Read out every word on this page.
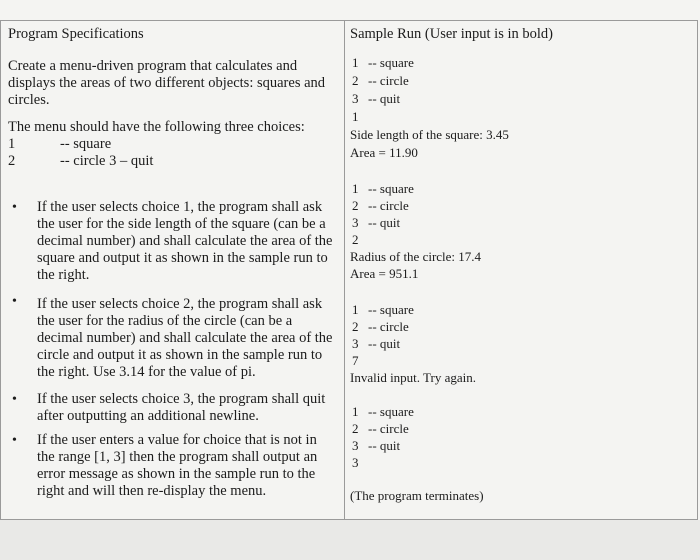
Program Specifications
Create a menu-driven program that calculates and
displays the areas of two different objects: squares and
circles.
The menu should have the following three choices:
1	-- square
2	-- circle 3 – quit
• If the user selects choice 1, the program shall ask
the user for the side length of the square (can be a
decimal number) and shall calculate the area of the
square and output it as shown in the sample run to
the right.
• If the user selects choice 2, the program shall ask
the user for the radius of the circle (can be a
decimal number) and shall calculate the area of the
circle and output it as shown in the sample run to
the right. Use 3.14 for the value of pi.
• If the user selects choice 3, the program shall quit
after outputting an additional newline.
• If the user enters a value for choice that is not in
the range [1, 3] then the program shall output an
error message as shown in the sample run to the
right and will then re-display the menu.
Sample Run (User input is in bold)
1 -- square
2 -- circle
3 -- quit
1
Side length of the square: 3.45
Area = 11.90
1 -- square
2 -- circle
3 -- quit
2
Radius of the circle: 17.4
Area = 951.1
1 -- square
2 -- circle
3 -- quit
7
Invalid input. Try again.
1 -- square
2 -- circle
3 -- quit
3
(The program terminates)
